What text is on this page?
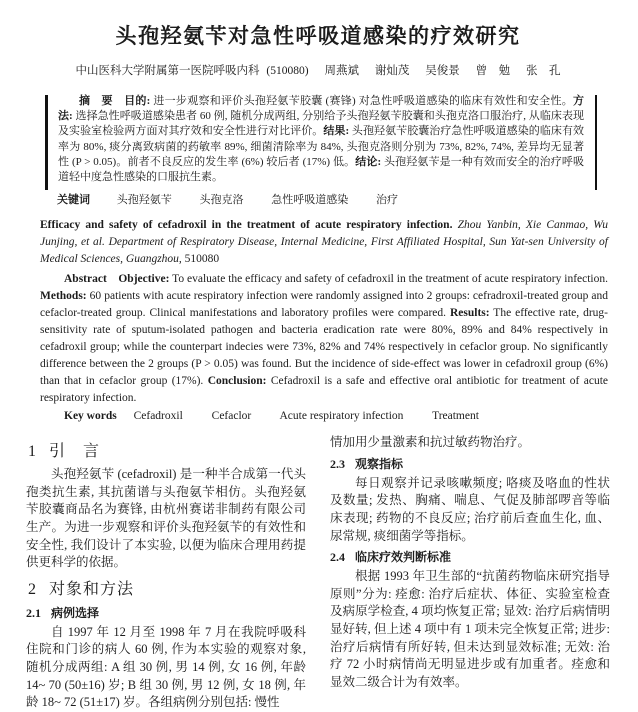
头孢羟氨苄对急性呼吸道感染的疗效研究
中山医科大学附属第一医院呼吸内科 (510080) 周燕斌 谢灿茂 吴俊景 曾　勉 张　孔

摘　要　 目的: 进一步观察和评价头孢羟氨苄胶囊 (赛锋) 对急性呼吸道感染的临床有效性和安全性。方法: 选择急性呼吸道感染患者 60 例, 随机分成两组, 分别给予头孢羟氨苄胶囊和头孢克洛口服治疗, 从临床表现及实验室检验两方面对其疗效和安全性进行对比评价。结果: 头孢羟氨苄胶囊治疗急性呼吸道感染的临床有效率为 80%, 痰分离致病菌的药敏率 89%, 细菌清除率为 84%, 头孢克洛则分别为 73%, 82%, 74%, 差异均无显著性 (P > 0.05)。前者不良反应的发生率 (6%) 较后者 (17%) 低。结论: 头孢羟氨苄是一种有效而安全的治疗呼吸道轻中度急性感染的口服抗生素。

关键词 头孢羟氨苄	头孢克洛	急性呼吸道感染	治疗

Efficacy and safety of cefadroxil in the treatment of acute respiratory infection. Zhou Yanbin, Xie Canmao, Wu Junjing, et al. Department of Respiratory Disease, Internal Medicine, First Affiliated Hospital, Sun Yat-sen University of Medical Sciences, Guangzhou, 510080

Abstract　Objective: To evaluate the efficacy and safety of cefadroxil in the treatment of acute respiratory infection. Methods: 60 patients with acute respiratory infection were randomly assigned into 2 groups: cefradroxil-treated group and cefaclor-treated group. Clinical manifestations and laboratory profiles were compared. Results: The effective rate, drug-sensitivity rate of sputum-isolated pathogen and bacteria eradication rate were 80%, 89% and 84% respectively in cefadroxil group; while the counterpart indecies were 73%, 82% and 74% respectively in cefaclor group. No significantly difference between the 2 groups (P > 0.05) was found. But the incidence of side-effect was lower in cefadroxil group (6%) than that in cefaclor group (17%). Conclusion: Cefadroxil is a safe and effective oral antibiotic for treatment of acute respiratory infection.

Key words Cefadroxil	Cefaclor Acute respiratory infection Treatment
1 引　言

头孢羟氨苄 (cefadroxil) 是一种半合成第一代头孢类抗生素, 其抗菌谱与头孢氨苄相仿。头孢羟氨苄胶囊商品名为赛锋, 由杭州赛诺非制药有限公司生产。为进一步观察和评价头孢羟氨苄的有效性和安全性, 我们设计了本实验, 以便为临床合理用药提供更科学的依据。

2 对象和方法
2.1 病例选择

自 1997 年 12 月至 1998 年 7 月在我院呼吸科住院和门诊的病人 60 例, 作为本实验的观察对象, 随机分成两组: A 组 30 例, 男 14 例, 女 16 例, 年龄 14~ 70 (50±16) 岁; B 组 30 例, 男 12 例, 女 18 例, 年龄 18~ 72 (51±17) 岁。各组病例分别包括: 慢性

情加用少量激素和抗过敏药物治疗。

2.3 观察指标

每日观察并记录咳嗽频度; 咯痰及咯血的性状及数量; 发热、胸痛、喘息、气促及肺部啰音等临床表现; 药物的不良反应; 治疗前后查血生化, 血、尿常规, 痰细菌学等指标。

2.4 临床疗效判断标准

根据 1993 年卫生部的“抗菌药物临床研究指导原则”分为: 痊愈: 治疗后症状、体征、实验室检查及病原学检查, 4 项均恢复正常; 显效: 治疗后病情明显好转, 但上述 4 项中有 1 项未完全恢复正常; 进步: 治疗后病情有所好转, 但未达到显效标准; 无效: 治疗 72 小时病情尚无明显进步或有加重者。痊愈和显效二级合计为有效率。
